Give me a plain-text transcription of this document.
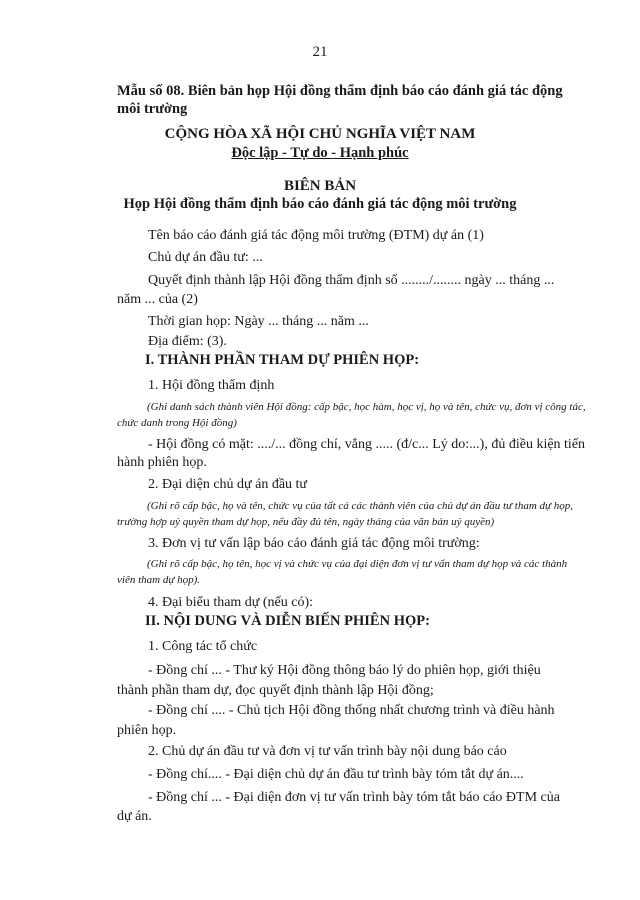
21
Mẫu số 08. Biên bản họp Hội đồng thẩm định báo cáo đánh giá tác động môi trường
CỘNG HÒA XÃ HỘI CHỦ NGHĨA VIỆT NAM
Độc lập - Tự do - Hạnh phúc
BIÊN BẢN
Họp Hội đồng thẩm định báo cáo đánh giá tác động môi trường
Tên báo cáo đánh giá tác động môi trường (ĐTM) dự án (1)
Chủ dự án đầu tư: ...
Quyết định thành lập Hội đồng thẩm định số ......../........ ngày ... tháng ...
năm ... của (2)
Thời gian họp: Ngày ... tháng ... năm ...
Địa điểm: (3).
I. THÀNH PHẦN THAM DỰ PHIÊN HỌP:
1. Hội đồng thẩm định
(Ghi danh sách thành viên Hội đồng: cấp bậc, học hàm, học vị, họ và tên, chức vụ, đơn vị công tác, chức danh trong Hội đồng)
- Hội đồng có mặt: ..../... đồng chí, vắng ..... (đ/c... Lý do:...), đủ điều kiện tiến
hành phiên họp.
2. Đại diện chủ dự án đầu tư
(Ghi rõ cấp bậc, họ và tên, chức vụ của tất cả các thành viên của chủ dự án đầu tư tham dự họp, trường hợp uỷ quyền tham dự họp, nếu đầy đủ tên, ngày tháng của văn bản uỷ quyền)
3. Đơn vị tư vấn lập báo cáo đánh giá tác động môi trường:
(Ghi rõ cấp bậc, họ tên, học vị và chức vụ của đại diện đơn vị tư vấn tham dự họp và các thành viên tham dự họp).
4. Đại biểu tham dự (nếu có):
II. NỘI DUNG VÀ DIỄN BIẾN PHIÊN HỌP:
1. Công tác tổ chức
- Đồng chí ... - Thư ký Hội đồng thông báo lý do phiên họp, giới thiệu
thành phần tham dự, đọc quyết định thành lập Hội đồng;
- Đồng chí .... - Chủ tịch Hội đồng thống nhất chương trình và điều hành
phiên họp.
2. Chủ dự án đầu tư và đơn vị tư vấn trình bày nội dung báo cáo
- Đồng chí.... - Đại diện chủ dự án đầu tư trình bày tóm tắt dự án....
- Đồng chí ... - Đại diện đơn vị tư vấn trình bày tóm tắt báo cáo ĐTM của
dự án.
